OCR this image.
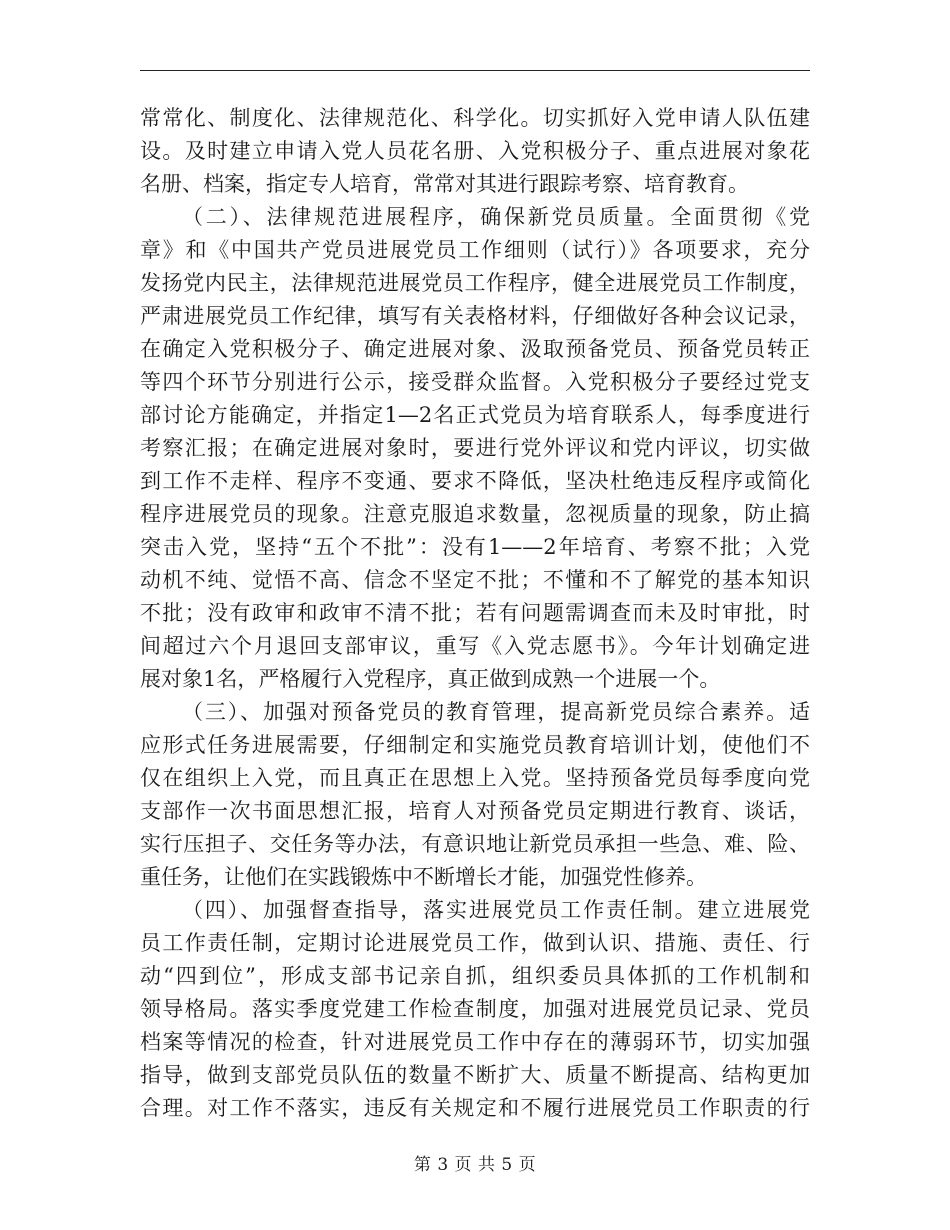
常常化、制度化、法律规范化、科学化。切实抓好入党申请人队伍建
设。及时建立申请入党人员花名册、入党积极分子、重点进展对象花
名册、档案，指定专人培育，常常对其进行跟踪考察、培育教育。
（二）、法律规范进展程序，确保新党员质量。全面贯彻《党
章》和《中国共产党员进展党员工作细则（试行）》各项要求，充分
发扬党内民主，法律规范进展党员工作程序，健全进展党员工作制度，
严肃进展党员工作纪律，填写有关表格材料，仔细做好各种会议记录，
在确定入党积极分子、确定进展对象、汲取预备党员、预备党员转正
等四个环节分别进行公示，接受群众监督。入党积极分子要经过党支
部讨论方能确定，并指定1—2名正式党员为培育联系人，每季度进行
考察汇报；在确定进展对象时，要进行党外评议和党内评议，切实做
到工作不走样、程序不变通、要求不降低，坚决杜绝违反程序或简化
程序进展党员的现象。注意克服追求数量，忽视质量的现象，防止搞
突击入党，坚持“五个不批”：没有1——2年培育、考察不批；入党
动机不纯、觉悟不高、信念不坚定不批；不懂和不了解党的基本知识
不批；没有政审和政审不清不批；若有问题需调查而未及时审批，时
间超过六个月退回支部审议，重写《入党志愿书》。今年计划确定进
展对象1名，严格履行入党程序，真正做到成熟一个进展一个。
（三）、加强对预备党员的教育管理，提高新党员综合素养。适
应形式任务进展需要，仔细制定和实施党员教育培训计划，使他们不
仅在组织上入党，而且真正在思想上入党。坚持预备党员每季度向党
支部作一次书面思想汇报，培育人对预备党员定期进行教育、谈话，
实行压担子、交任务等办法，有意识地让新党员承担一些急、难、险、
重任务，让他们在实践锻炼中不断增长才能，加强党性修养。
（四）、加强督查指导，落实进展党员工作责任制。建立进展党
员工作责任制，定期讨论进展党员工作，做到认识、措施、责任、行
动“四到位”，形成支部书记亲自抓，组织委员具体抓的工作机制和
领导格局。落实季度党建工作检查制度，加强对进展党员记录、党员
档案等情况的检查，针对进展党员工作中存在的薄弱环节，切实加强
指导，做到支部党员队伍的数量不断扩大、质量不断提高、结构更加
合理。对工作不落实，违反有关规定和不履行进展党员工作职责的行
第 3 页 共 5 页
